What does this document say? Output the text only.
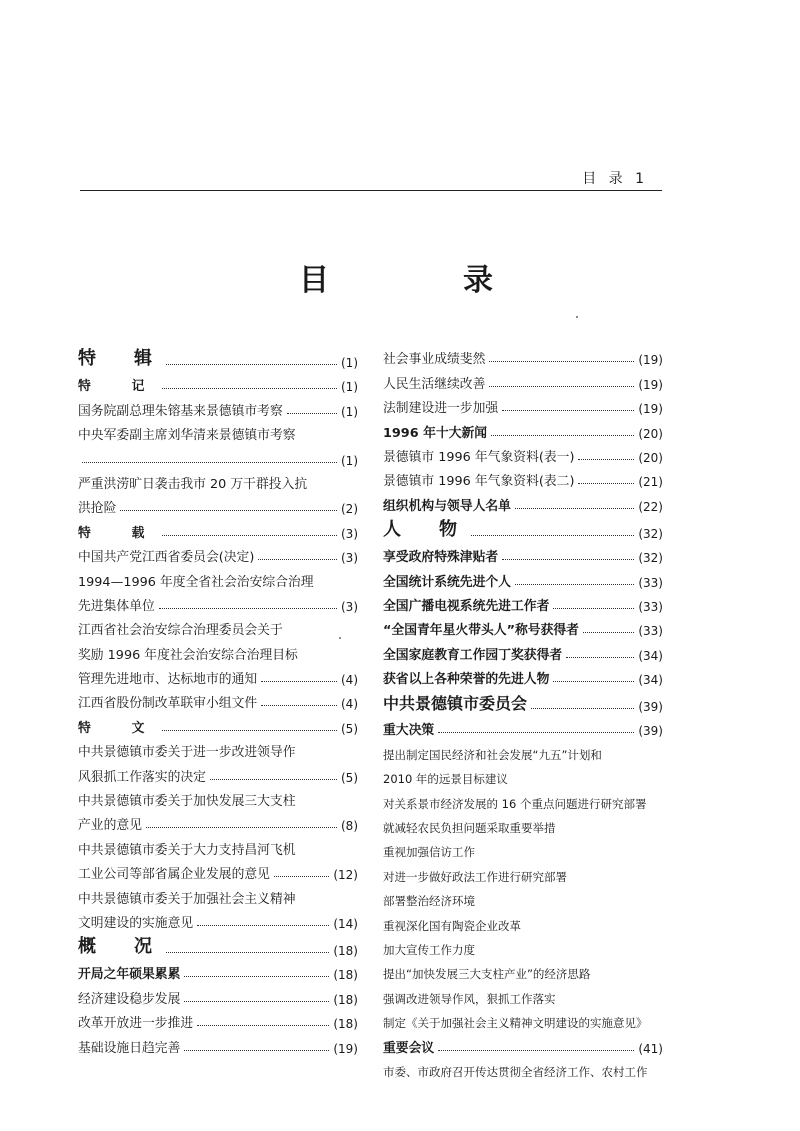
目 录 1
目　录
特　辑	(1)
特　记	(1)
国务院副总理朱镕基来景德镇市考察	(1)
中央军委副主席刘华清来景德镇市考察
(1)
严重洪涝旷日袭击我市 20 万干群投入抗
洪抢险	(2)
特　载	(3)
中国共产党江西省委员会(决定)	(3)
1994—1996 年度全省社会治安综合治理
先进集体单位	(3)
江西省社会治安综合治理委员会关于
奖励 1996 年度社会治安综合治理目标
管理先进地市、达标地市的通知	(4)
江西省股份制改革联审小组文件	(4)
特　文	(5)
中共景德镇市委关于进一步改进领导作
风狠抓工作落实的决定	(5)
中共景德镇市委关于加快发展三大支柱
产业的意见	(8)
中共景德镇市委关于大力支持昌河飞机
工业公司等部省属企业发展的意见	(12)
中共景德镇市委关于加强社会主义精神
文明建设的实施意见	(14)
概　况	(18)
开局之年硕果累累	(18)
经济建设稳步发展	(18)
改革开放进一步推进	(18)
基础设施日趋完善	(19)
社会事业成绩斐然	(19)
人民生活继续改善	(19)
法制建设进一步加强	(19)
1996 年十大新闻	(20)
景德镇市 1996 年气象资料(表一)	(20)
景德镇市 1996 年气象资料(表二)	(21)
组织机构与领导人名单	(22)
人　物	(32)
享受政府特殊津贴者	(32)
全国统计系统先进个人	(33)
全国广播电视系统先进工作者	(33)
“全国青年星火带头人”称号获得者	(33)
全国家庭教育工作园丁奖获得者	(34)
获省以上各种荣誉的先进人物	(34)
中共景德镇市委员会	(39)
重大决策	(39)
提出制定国民经济和社会发展“九五”计划和
2010 年的远景目标建议
对关系景市经济发展的 16 个重点问题进行研究部署
就减轻农民负担问题采取重要举措
重视加强信访工作
对进一步做好政法工作进行研究部署
部署整治经济环境
重视深化国有陶瓷企业改革
加大宣传工作力度
提出“加快发展三大支柱产业”的经济思路
强调改进领导作风，狠抓工作落实
制定《关于加强社会主义精神文明建设的实施意见》
重要会议	(41)
市委、市政府召开传达贯彻全省经济工作、农村工作
